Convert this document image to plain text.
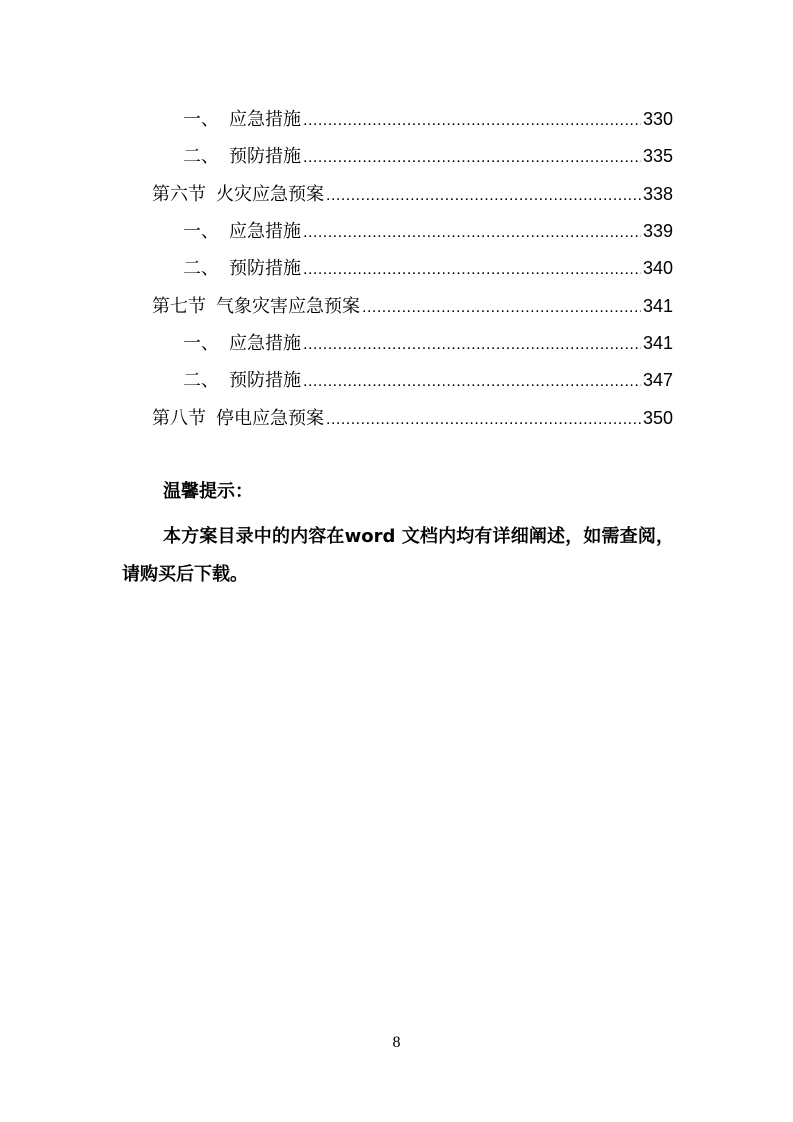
一、 应急措施 .....	330
二、 预防措施 .....	335
第六节 火灾应急预案 .....	338
一、 应急措施 .....	339
二、 预防措施 .....	340
第七节 气象灾害应急预案 .....	341
一、 应急措施 .....	341
二、 预防措施 .....	347
第八节 停电应急预案 .....	350
温馨提示：
本方案目录中的内容在word 文档内均有详细阐述，如需查阅，请购买后下载。
8
